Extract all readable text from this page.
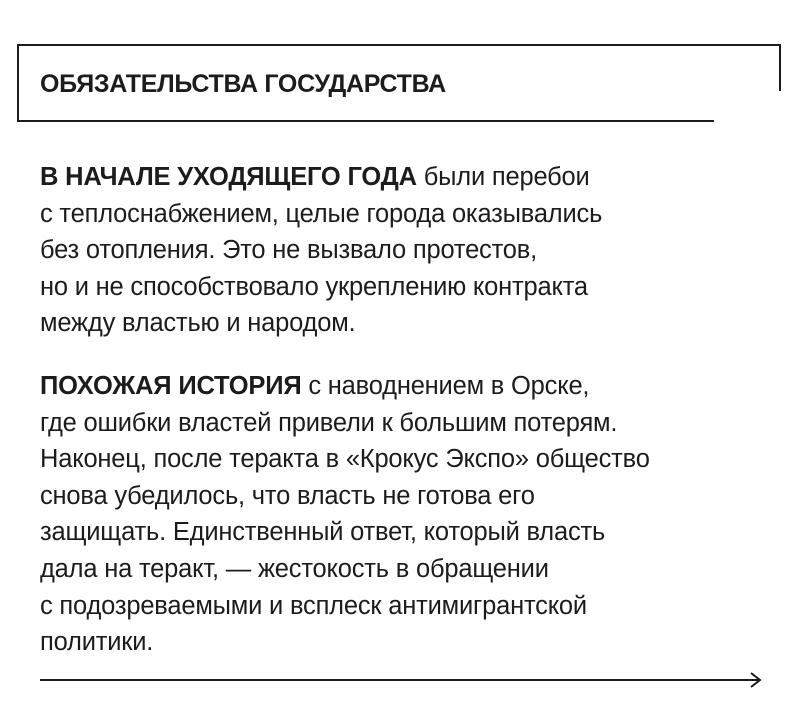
ОБЯЗАТЕЛЬСТВА ГОСУДАРСТВА

В НАЧАЛЕ УХОДЯЩЕГО ГОДА были перебои
с теплоснабжением, целые города оказывались
без отопления. Это не вызвало протестов,
но и не способствовало укреплению контракта
между властью и народом.

ПОХОЖАЯ ИСТОРИЯ с наводнением в Орске,
где ошибки властей привели к большим потерям.
Наконец, после теракта в «Крокус Экспо» общество
снова убедилось, что власть не готова его
защищать. Единственный ответ, который власть
дала на теракт, — жестокость в обращении
с подозреваемыми и всплеск антимигрантской
политики.
